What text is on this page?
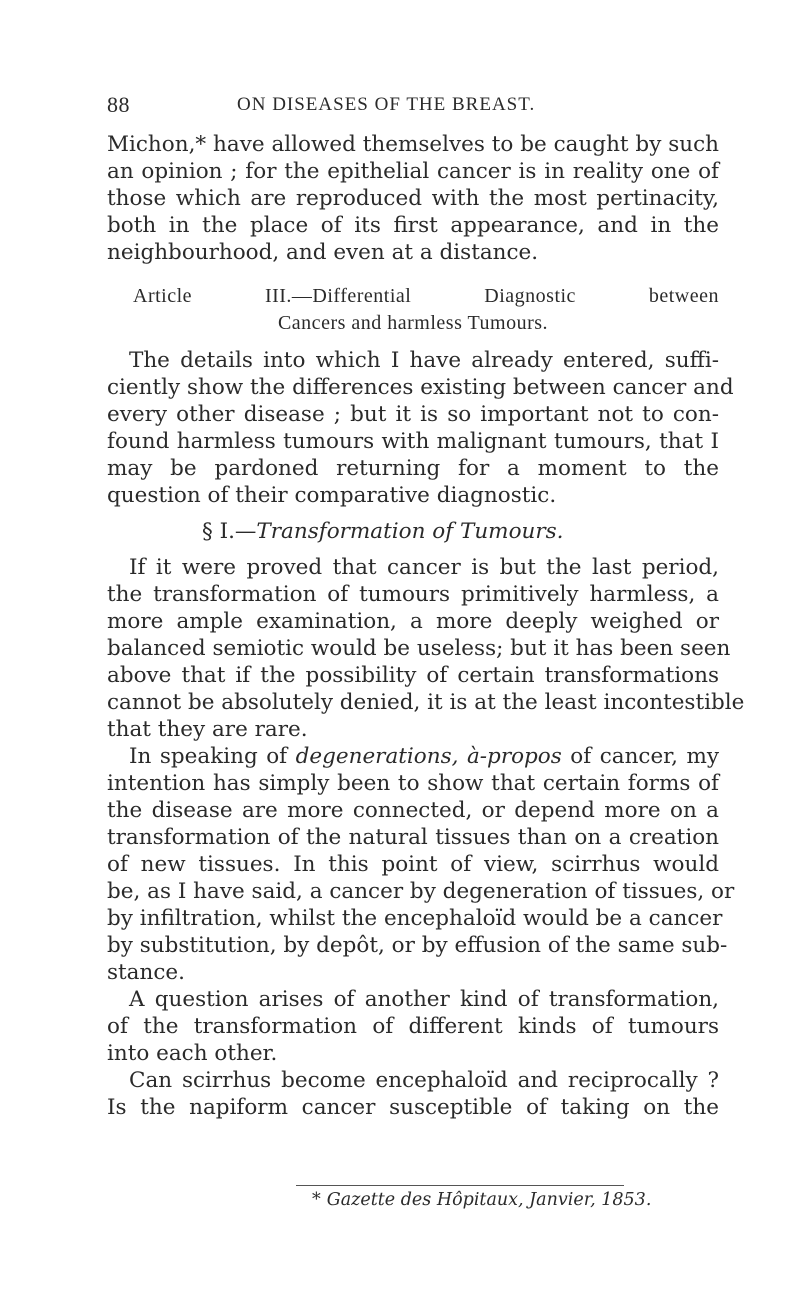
88	ON DISEASES OF THE BREAST.
Michon,* have allowed themselves to be caught by such
an opinion ; for the epithelial cancer is in reality one of
those which are reproduced with the most pertinacity,
both in the place of its first appearance, and in the
neighbourhood, and even at a distance.
Article III.—Differential Diagnostic between
Cancers and harmless Tumours.
The details into which I have already entered, suffi-
ciently show the differences existing between cancer and
every other disease ; but it is so important not to con-
found harmless tumours with malignant tumours, that I
may be pardoned returning for a moment to the
question of their comparative diagnostic.
§ I.—Transformation of Tumours.
If it were proved that cancer is but the last period,
the transformation of tumours primitively harmless, a
more ample examination, a more deeply weighed or
balanced semiotic would be useless; but it has been seen
above that if the possibility of certain transformations
cannot be absolutely denied, it is at the least incontestible
that they are rare.
In speaking of degenerations, à-propos of cancer, my
intention has simply been to show that certain forms of
the disease are more connected, or depend more on a
transformation of the natural tissues than on a creation
of new tissues. In this point of view, scirrhus would
be, as I have said, a cancer by degeneration of tissues, or
by infiltration, whilst the encephaloïd would be a cancer
by substitution, by depôt, or by effusion of the same sub-
stance.
A question arises of another kind of transformation,
of the transformation of different kinds of tumours
into each other.
Can scirrhus become encephaloïd and reciprocally ?
Is the napiform cancer susceptible of taking on the
* Gazette des Hôpitaux, Janvier, 1853.
